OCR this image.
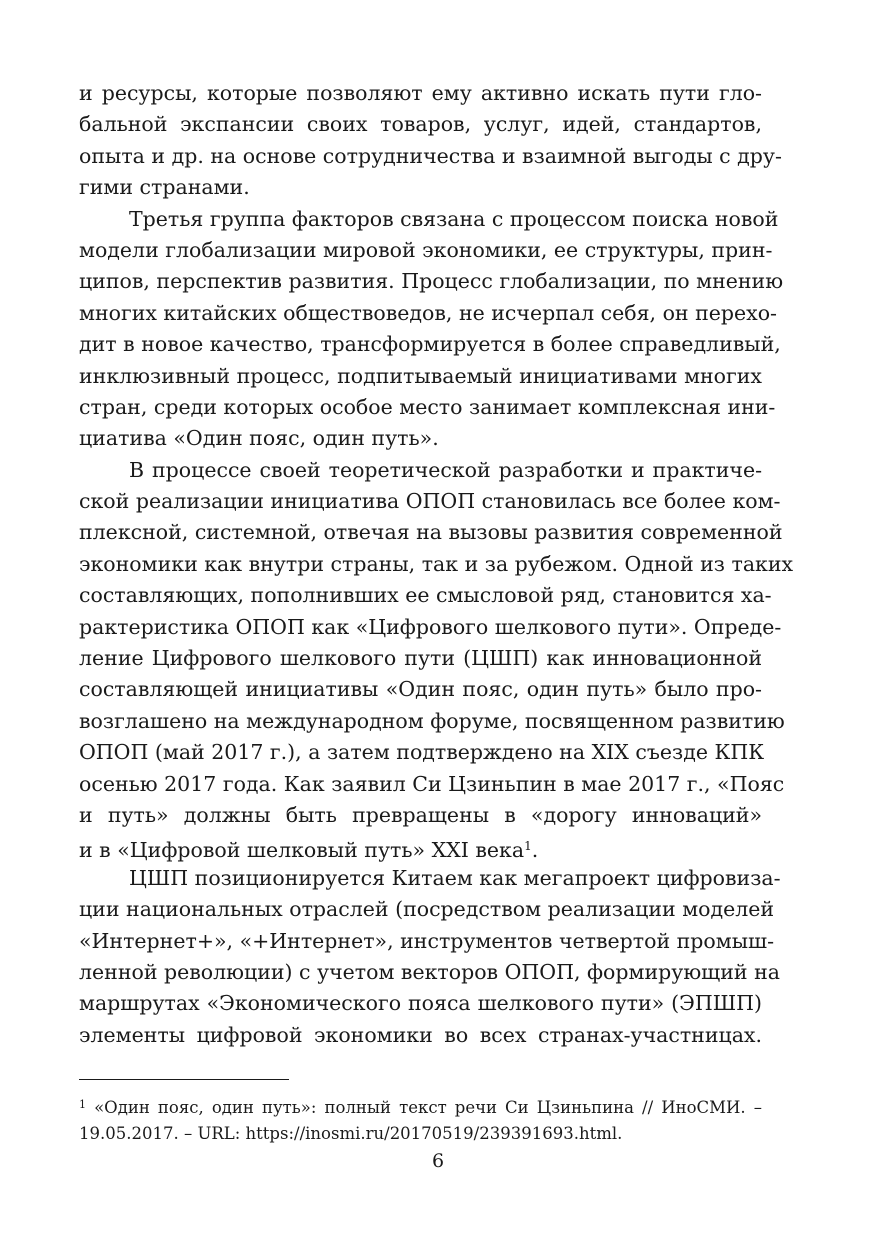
и ресурсы, которые позволяют ему активно искать пути гло-
бальной экспансии своих товаров, услуг, идей, стандартов,
опыта и др. на основе сотрудничества и взаимной выгоды с дру-
гими странами.
Третья группа факторов связана с процессом поиска новой
модели глобализации мировой экономики, ее структуры, прин-
ципов, перспектив развития. Процесс глобализации, по мнению
многих китайских обществоведов, не исчерпал себя, он перехо-
дит в новое качество, трансформируется в более справедливый,
инклюзивный процесс, подпитываемый инициативами многих
стран, среди которых особое место занимает комплексная ини-
циатива «Один пояс, один путь».
В процессе своей теоретической разработки и практиче-
ской реализации инициатива ОПОП становилась все более ком-
плексной, системной, отвечая на вызовы развития современной
экономики как внутри страны, так и за рубежом. Одной из таких
составляющих, пополнивших ее смысловой ряд, становится ха-
рактеристика ОПОП как «Цифрового шелкового пути». Опреде-
ление Цифрового шелкового пути (ЦШП) как инновационной
составляющей инициативы «Один пояс, один путь» было про-
возглашено на международном форуме, посвященном развитию
ОПОП (май 2017 г.), а затем подтверждено на XIX съезде КПК
осенью 2017 года. Как заявил Си Цзиньпин в мае 2017 г., «Пояс
и путь» должны быть превращены в «дорогу инноваций»
и в «Цифровой шелковый путь» XXI века$^1$.
ЦШП позиционируется Китаем как мегапроект цифровиза-
ции национальных отраслей (посредством реализации моделей
«Интернет+», «+Интернет», инструментов четвертой промыш-
ленной революции) с учетом векторов ОПОП, формирующий на
маршрутах «Экономического пояса шелкового пути» (ЭПШП)
элементы цифровой экономики во всех странах-участницах.
$^1$ «Один пояс, один путь»: полный текст речи Си Цзиньпина // ИноСМИ. –
19.05.2017. – URL: https://inosmi.ru/20170519/239391693.html.
6
